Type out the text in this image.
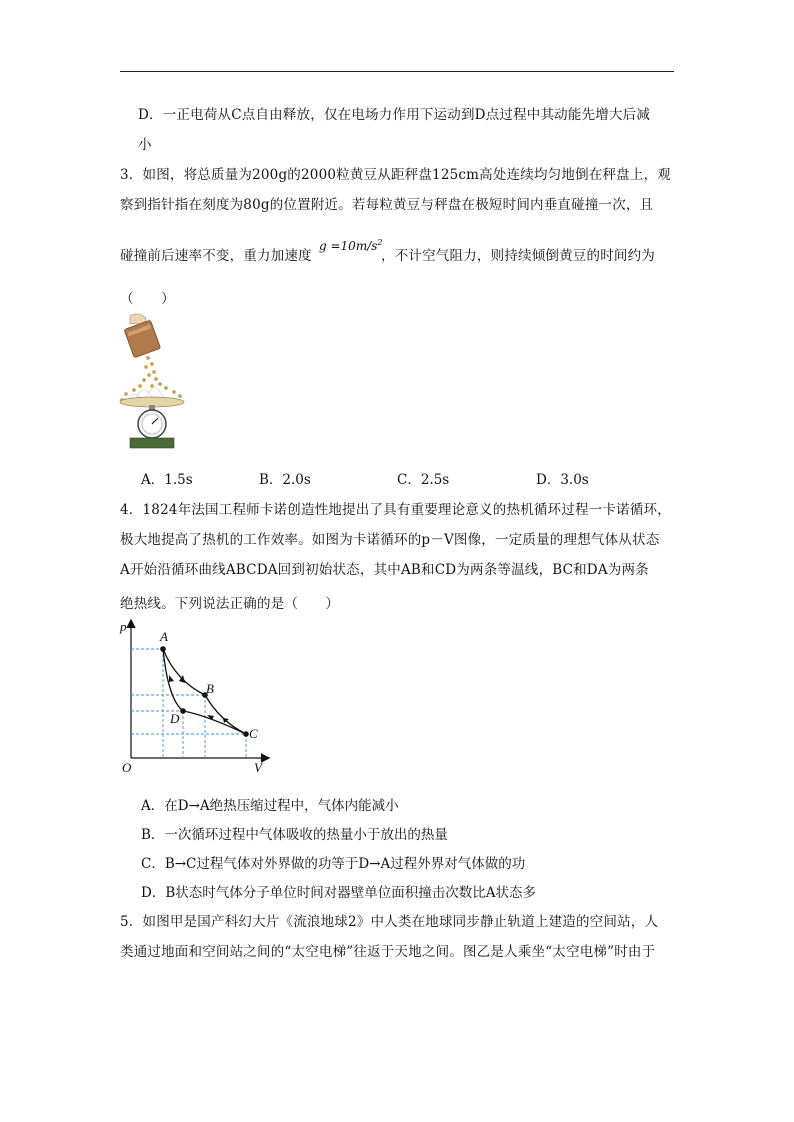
D．一正电荷从C点自由释放，仅在电场力作用下运动到D点过程中其动能先增大后减
小
3．如图，将总质量为200g的2000粒黄豆从距秤盘125cm高处连续均匀地倒在秤盘上，观
察到指针指在刻度为80g的位置附近。若每粒黄豆与秤盘在极短时间内垂直碰撞一次，且
碰撞前后速率不变，重力加速度
$g =10m/s^2$
，不计空气阻力，则持续倾倒黄豆的时间约为
（　　）
A．1.5s	B．2.0s	C．2.5s	D．3.0s
4．1824年法国工程师卡诺创造性地提出了具有重要理论意义的热机循环过程一卡诺循环，
极大地提高了热机的工作效率。如图为卡诺循环的p－V图像，一定质量的理想气体从状态
A开始沿循环曲线ABCDA回到初始状态，其中AB和CD为两条等温线，BC和DA为两条
绝热线。下列说法正确的是（　　）
p
V
O
A
B
C
D
A．在D→A绝热压缩过程中，气体内能减小
B．一次循环过程中气体吸收的热量小于放出的热量
C．B→C过程气体对外界做的功等于D→A过程外界对气体做的功
D．B状态时气体分子单位时间对器壁单位面积撞击次数比A状态多
5．如图甲是国产科幻大片《流浪地球2》中人类在地球同步静止轨道上建造的空间站，人
类通过地面和空间站之间的“太空电梯”往返于天地之间。图乙是人乘坐“太空电梯”时由于
